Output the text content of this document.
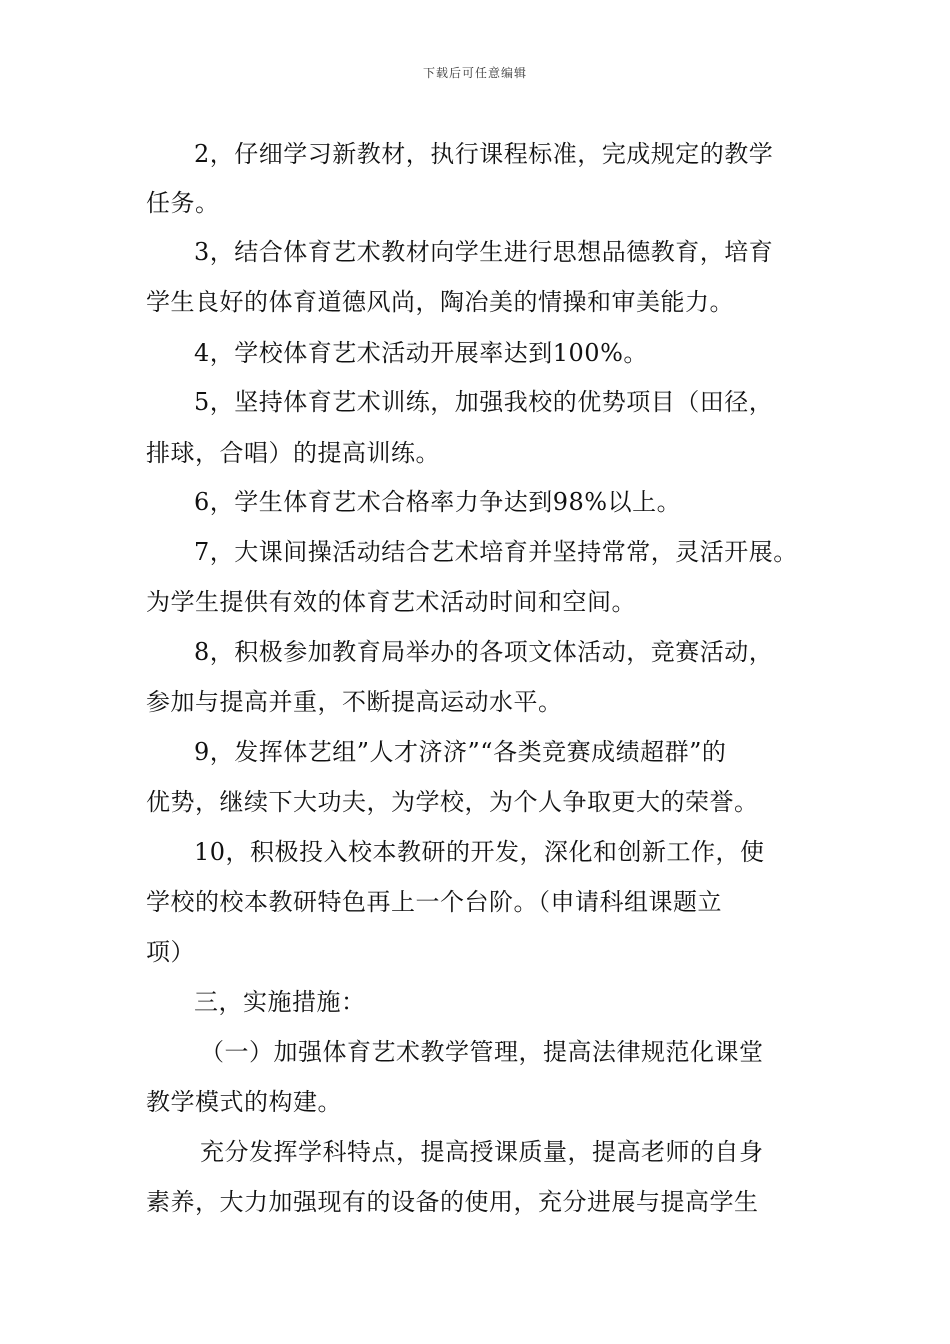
下载后可任意编辑
2，仔细学习新教材，执行课程标准，完成规定的教学
任务。
3，结合体育艺术教材向学生进行思想品德教育，培育
学生良好的体育道德风尚，陶冶美的情操和审美能力。
4，学校体育艺术活动开展率达到100%。
5，坚持体育艺术训练，加强我校的优势项目（田径，
排球，合唱）的提高训练。
6，学生体育艺术合格率力争达到98%以上。
7，大课间操活动结合艺术培育并坚持常常，灵活开展。
为学生提供有效的体育艺术活动时间和空间。
8，积极参加教育局举办的各项文体活动，竞赛活动，
参加与提高并重，不断提高运动水平。
9，发挥体艺组”人才济济”“各类竞赛成绩超群”的
优势，继续下大功夫，为学校，为个人争取更大的荣誉。
10，积极投入校本教研的开发，深化和创新工作，使
学校的校本教研特色再上一个台阶。（申请科组课题立
项）
三，实施措施：
（一）加强体育艺术教学管理，提高法律规范化课堂
教学模式的构建。
充分发挥学科特点，提高授课质量，提高老师的自身
素养，大力加强现有的设备的使用，充分进展与提高学生
